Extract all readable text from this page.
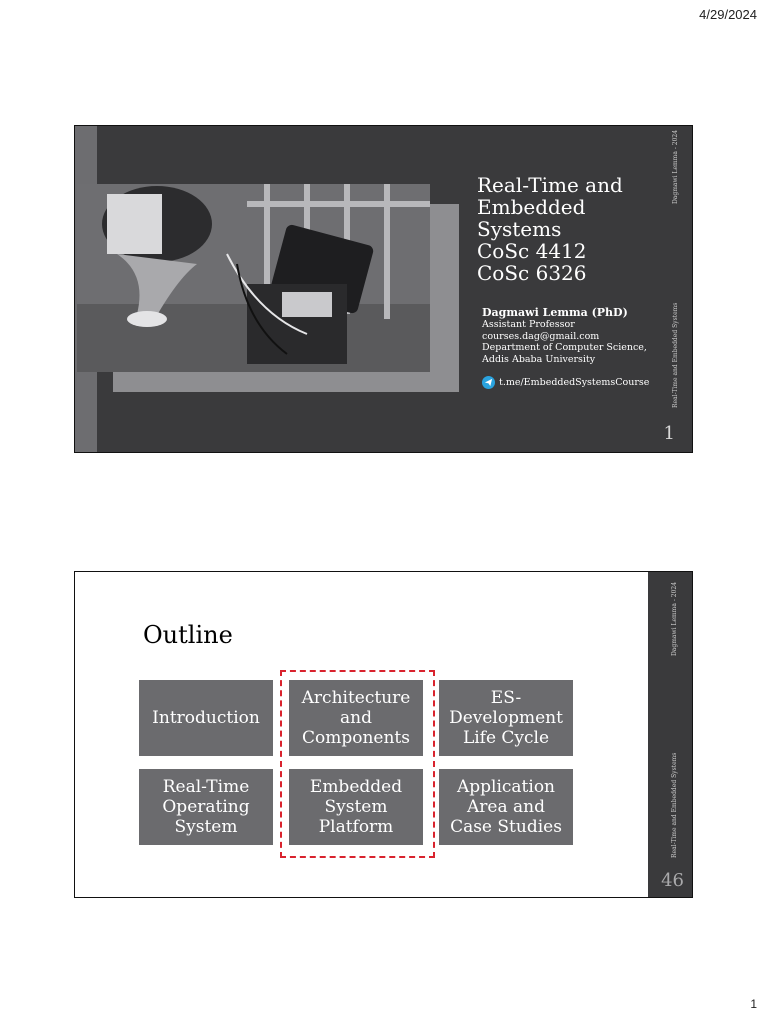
4/29/2024
Real-Time and
Embedded
Systems
CoSc 4412
CoSc 6326
Dagmawi Lemma (PhD)
Assistant Professor
courses.dag@gmail.com
Department of Computer Science,
Addis Ababa University
t.me/EmbeddedSystemsCourse
Dagmawi Lemma - 2024
Real-Time and Embedded Systems
1
Dagmawi Lemma - 2024
Real-Time and Embedded Systems
46
Outline
Introduction
Architecture
and
Components
ES-
Development
Life Cycle
Real-Time
Operating
System
Embedded
System
Platform
Application
Area and
Case Studies
1
